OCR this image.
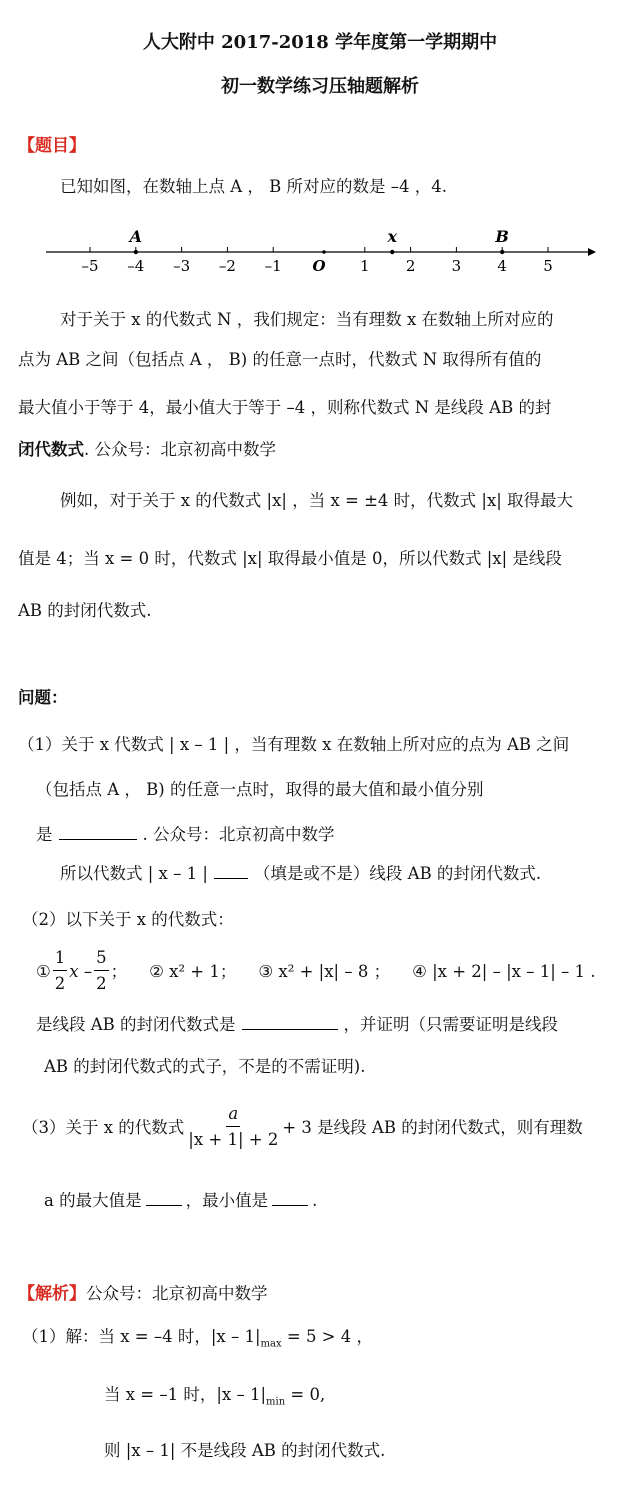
人大附中 2017-2018 学年度第一学期期中
初一数学练习压轴题解析
【题目】
已知如图，在数轴上点 A ， B 所对应的数是 –4 ，4.
–5 –4 –3 –2 –1 O 1 2 3 4 5
A	x	B
对于关于 x 的代数式 N ，我们规定：当有理数 x 在数轴上所对应的
点为 AB 之间（包括点 A ， B) 的任意一点时，代数式 N 取得所有值的
最大值小于等于 4，最小值大于等于 –4 ，则称代数式 N 是线段 AB 的封
闭代数式. 公众号：北京初高中数学
例如，对于关于 x 的代数式 |x| ，当 x = ±4 时，代数式 |x| 取得最大
值是 4；当 x = 0 时，代数式 |x| 取得最小值是 0，所以代数式 |x| 是线段
AB 的封闭代数式.
问题：
（1）关于 x 代数式 | x – 1 | ，当有理数 x 在数轴上所对应的点为 AB 之间
（包括点 A ， B) 的任意一点时，取得的最大值和最小值分别
是	. 公众号：北京初高中数学
所以代数式 | x – 1 |	（填是或不是）线段 AB 的封闭代数式.
（2）以下关于 x 的代数式：
① $\frac{1}{2}$ x – $\frac{5}{2}$ ； ② x² + 1； ③ x² + |x| – 8 ； ④ |x + 2| – |x – 1| – 1 .
是线段 AB 的封闭代数式是	，并证明（只需要证明是线段
AB 的封闭代数式的式子，不是的不需证明).
（3）关于 x 的代数式 $\frac{a}{|x + 1| + 2} + 3$ 是线段 AB 的封闭代数式，则有理数
a 的最大值是	，最小值是	.
【解析】公众号：北京初高中数学
（1）解：当 x = –4 时，$|x - 1|_{max} = 5 > 4$ ，
当 x = –1 时，$|x - 1|_{min} = 0$,
则 |x – 1| 不是线段 AB 的封闭代数式.
